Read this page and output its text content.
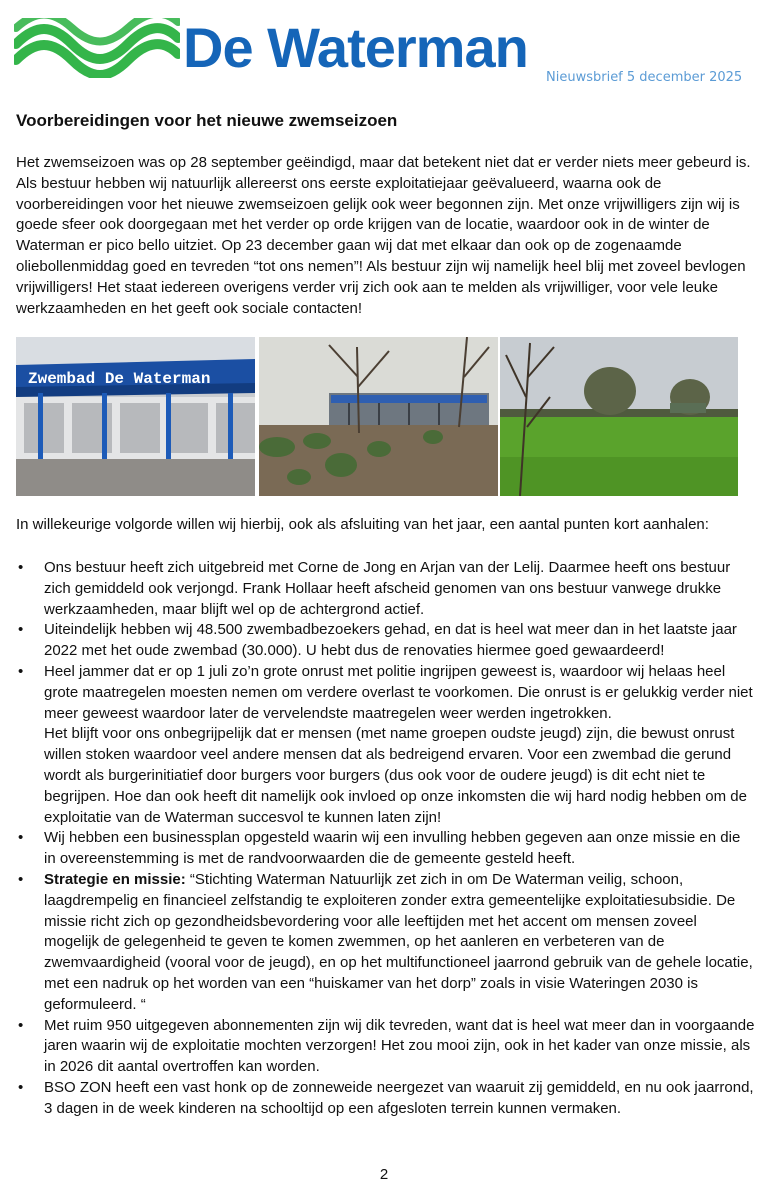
De Waterman Nieuwsbrief 5 december 2025
Voorbereidingen voor het nieuwe zwemseizoen

Het zwemseizoen was op 28 september geëindigd, maar dat betekent niet dat er verder niets meer gebeurd is. Als bestuur hebben wij natuurlijk allereerst ons eerste exploitatiejaar geëvalueerd, waarna ook de voorbereidingen voor het nieuwe zwemseizoen gelijk ook weer begonnen zijn. Met onze vrijwilligers zijn wij is goede sfeer ook doorgegaan met het verder op orde krijgen van de locatie, waardoor ook in de winter de Waterman er pico bello uitziet. Op 23 december gaan wij dat met elkaar dan ook op de zogenaamde oliebollenmiddag goed en tevreden “tot ons nemen”! Als bestuur zijn wij namelijk heel blij met zoveel bevlogen vrijwilligers! Het staat iedereen overigens verder vrij zich ook aan te melden als vrijwilliger, voor vele leuke werkzaamheden en het geeft ook sociale contacten!

Zwembad De Waterman

In willekeurige volgorde willen wij hierbij, ook als afsluiting van het jaar, een aantal punten kort aanhalen:

•	Ons bestuur heeft zich uitgebreid met Corne de Jong en Arjan van der Lelij. Daarmee heeft ons bestuur zich gemiddeld ook verjongd. Frank Hollaar heeft afscheid genomen van ons bestuur vanwege drukke werkzaamheden, maar blijft wel op de achtergrond actief.

•	Uiteindelijk hebben wij 48.500 zwembadbezoekers gehad, en dat is heel wat meer dan in het laatste jaar 2022 met het oude zwembad (30.000). U hebt dus de renovaties hiermee goed gewaardeerd!

•	Heel jammer dat er op 1 juli zo’n grote onrust met politie ingrijpen geweest is, waardoor wij helaas heel grote maatregelen moesten nemen om verdere overlast te voorkomen. Die onrust is er gelukkig verder niet meer geweest waardoor later de vervelendste maatregelen weer werden ingetrokken.

Het blijft voor ons onbegrijpelijk dat er mensen (met name groepen oudste jeugd) zijn, die bewust onrust willen stoken waardoor veel andere mensen dat als bedreigend ervaren. Voor een zwembad die gerund wordt als burgerinitiatief door burgers voor burgers (dus ook voor de oudere jeugd) is dit echt niet te begrijpen. Hoe dan ook heeft dit namelijk ook invloed op onze inkomsten die wij hard nodig hebben om de exploitatie van de Waterman succesvol te kunnen laten zijn!

•	Wij hebben een businessplan opgesteld waarin wij een invulling hebben gegeven aan onze missie en die in overeenstemming is met de randvoorwaarden die de gemeente gesteld heeft.

•	Strategie en missie: “Stichting Waterman Natuurlijk zet zich in om De Waterman veilig, schoon, laagdrempelig en financieel zelfstandig te exploiteren zonder extra gemeentelijke exploitatiesubsidie. De missie richt zich op gezondheidsbevordering voor alle leeftijden met het accent om mensen zoveel mogelijk de gelegenheid te geven te komen zwemmen, op het aanleren en verbeteren van de zwemvaardigheid (vooral voor de jeugd), en op het multifunctioneel jaarrond gebruik van de gehele locatie, met een nadruk op het worden van een “huiskamer van het dorp” zoals in visie Wateringen 2030 is geformuleerd. “

•	Met ruim 950 uitgegeven abonnementen zijn wij dik tevreden, want dat is heel wat meer dan in voorgaande jaren waarin wij de exploitatie mochten verzorgen! Het zou mooi zijn, ook in het kader van onze missie, als in 2026 dit aantal overtroffen kan worden.

•	BSO ZON heeft een vast honk op de zonneweide neergezet van waaruit zij gemiddeld, en nu ook jaarrond, 3 dagen in de week kinderen na schooltijd op een afgesloten terrein kunnen vermaken.

2
